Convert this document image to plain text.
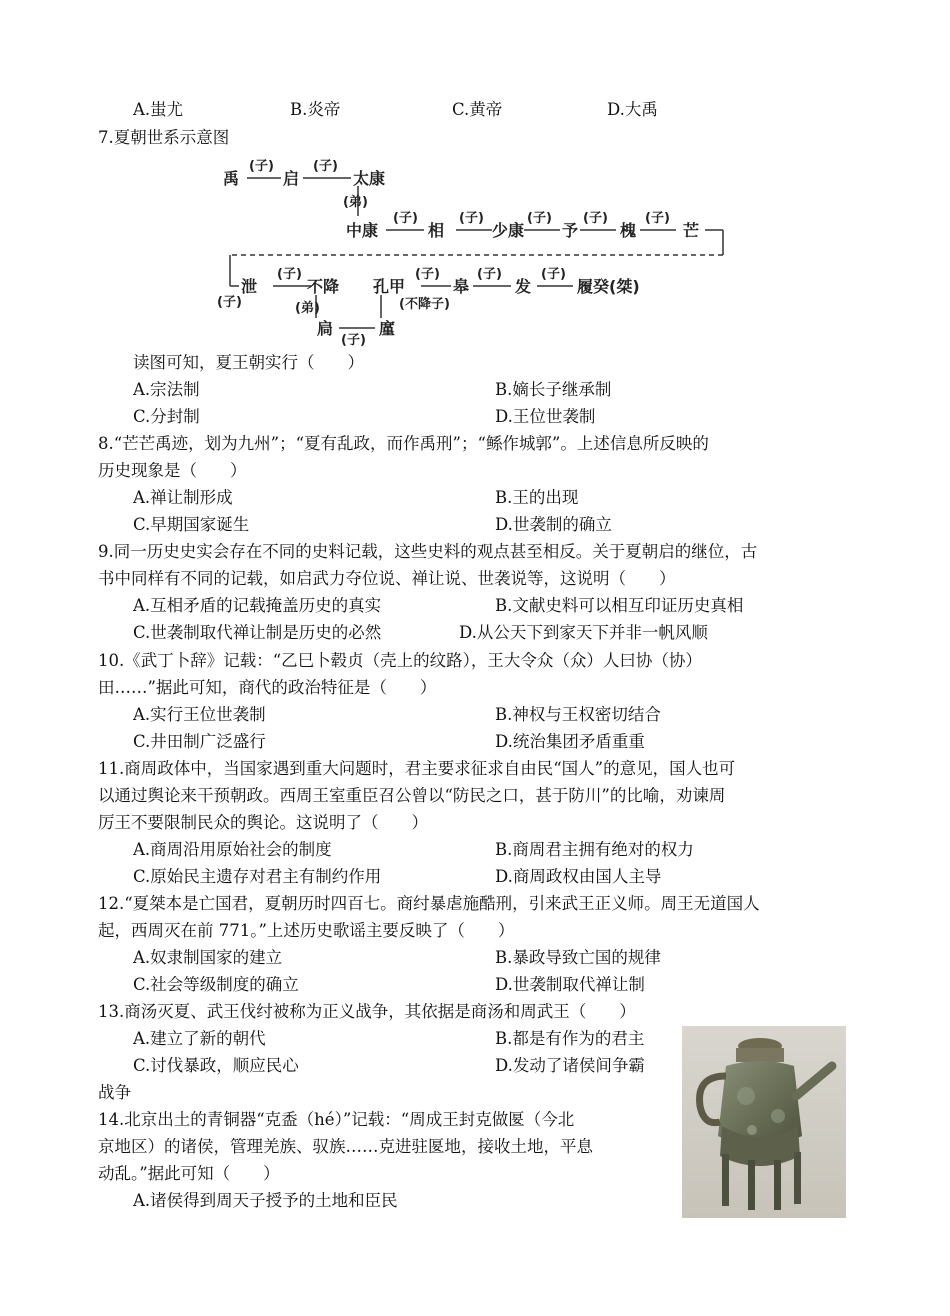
A.蚩尤	B.炎帝	C.黄帝	D.大禹
7.夏朝世系示意图
禹	启	太康
中康	相	少康 予	槐	芒
泄	不降
扃	廑
孔甲	皋	发	履癸(桀)
(子)	(子)
(弟)
(子)	(子)	(子) (子)	(子)
(子)
(子)
(弟)
(子)
(不降子)
(子)	(子)	(子)
读图可知，夏王朝实行（　　）
A.宗法制	B.嫡长子继承制
C.分封制	D.王位世袭制
8.“芒芒禹迹，划为九州”；“夏有乱政，而作禹刑”；“鲧作城郭”。上述信息所反映的
历史现象是（　　）
A.禅让制形成	B.王的出现
C.早期国家诞生	D.世袭制的确立
9.同一历史史实会存在不同的史料记载，这些史料的观点甚至相反。关于夏朝启的继位，古
书中同样有不同的记载，如启武力夺位说、禅让说、世袭说等，这说明（　　）
A.互相矛盾的记载掩盖历史的真实	B.文献史料可以相互印证历史真相
C.世袭制取代禅让制是历史的必然	D.从公天下到家天下并非一帆风顺
10.《武丁卜辞》记载：“乙巳卜毂贞（壳上的纹路），王大令众（众）人曰协（协）
田……”据此可知，商代的政治特征是（　　）
A.实行王位世袭制	B.神权与王权密切结合
C.井田制广泛盛行	D.统治集团矛盾重重
11.商周政体中，当国家遇到重大问题时，君主要求征求自由民“国人”的意见，国人也可
以通过舆论来干预朝政。西周王室重臣召公曾以“防民之口，甚于防川”的比喻，劝谏周
厉王不要限制民众的舆论。这说明了（　　）
A.商周沿用原始社会的制度	B.商周君主拥有绝对的权力
C.原始民主遗存对君主有制约作用	D.商周政权由国人主导
12.“夏桀本是亡国君，夏朝历时四百七。商纣暴虐施酷刑，引来武王正义师。周王无道国人
起，西周灭在前 771。”上述历史歌谣主要反映了（　　）
A.奴隶制国家的建立	B.暴政导致亡国的规律
C.社会等级制度的确立	D.世袭制取代禅让制
13.商汤灭夏、武王伐纣被称为正义战争，其依据是商汤和周武王（　　）
A.建立了新的朝代	B.都是有作为的君主
C.讨伐暴政，顺应民心	D.发动了诸侯间争霸
战争
14.北京出土的青铜器“克盉（hé）”记载：“周成王封克做匽（今北
京地区）的诸侯，管理羌族、驭族……克进驻匽地，接收土地，平息
动乱。”据此可知（　　）
A.诸侯得到周天子授予的土地和臣民
